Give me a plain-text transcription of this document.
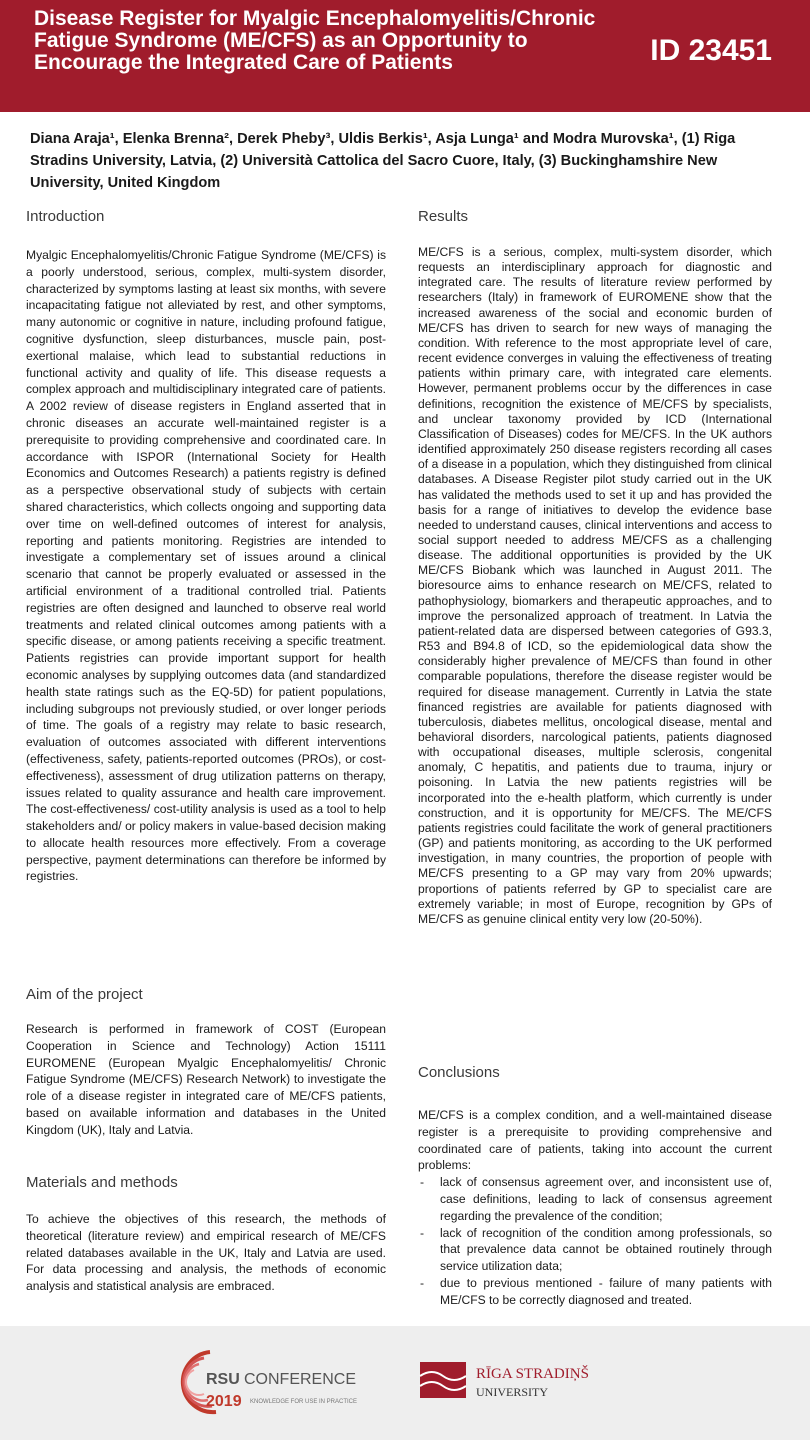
Disease Register for Myalgic Encephalomyelitis/Chronic Fatigue Syndrome (ME/CFS) as an Opportunity to Encourage the Integrated Care of Patients	ID 23451

Diana Araja¹, Elenka Brenna², Derek Pheby³, Uldis Berkis¹, Asja Lunga¹ and Modra Murovska¹, (1) Riga Stradins University, Latvia, (2) Università Cattolica del Sacro Cuore, Italy, (3) Buckinghamshire New University, United Kingdom

Introduction

Myalgic Encephalomyelitis/Chronic Fatigue Syndrome (ME/CFS) is a poorly understood, serious, complex, multi-system disorder, characterized by symptoms lasting at least six months, with severe incapacitating fatigue not alleviated by rest, and other symptoms, many autonomic or cognitive in nature, including profound fatigue, cognitive dysfunction, sleep disturbances, muscle pain, post-exertional malaise, which lead to substantial reductions in functional activity and quality of life. This disease requests a complex approach and multidisciplinary integrated care of patients. A 2002 review of disease registers in England asserted that in chronic diseases an accurate well-maintained register is a prerequisite to providing comprehensive and coordinated care. In accordance with ISPOR (International Society for Health Economics and Outcomes Research) a patients registry is defined as a perspective observational study of subjects with certain shared characteristics, which collects ongoing and supporting data over time on well-defined outcomes of interest for analysis, reporting and patients monitoring. Registries are intended to investigate a complementary set of issues around a clinical scenario that cannot be properly evaluated or assessed in the artificial environment of a traditional controlled trial. Patients registries are often designed and launched to observe real world treatments and related clinical outcomes among patients with a specific disease, or among patients receiving a specific treatment. Patients registries can provide important support for health economic analyses by supplying outcomes data (and standardized health state ratings such as the EQ-5D) for patient populations, including subgroups not previously studied, or over longer periods of time. The goals of a registry may relate to basic research, evaluation of outcomes associated with different interventions (effectiveness, safety, patients-reported outcomes (PROs), or cost-effectiveness), assessment of drug utilization patterns on therapy, issues related to quality assurance and health care improvement. The cost-effectiveness/ cost-utility analysis is used as a tool to help stakeholders and/ or policy makers in value-based decision making to allocate health resources more effectively. From a coverage perspective, payment determinations can therefore be informed by registries.

Aim of the project

Research is performed in framework of COST (European Cooperation in Science and Technology) Action 15111 EUROMENE (European Myalgic Encephalomyelitis/ Chronic Fatigue Syndrome (ME/CFS) Research Network) to investigate the role of a disease register in integrated care of ME/CFS patients, based on available information and databases in the United Kingdom (UK), Italy and Latvia.

Materials and methods

To achieve the objectives of this research, the methods of theoretical (literature review) and empirical research of ME/CFS related databases available in the UK, Italy and Latvia are used. For data processing and analysis, the methods of economic analysis and statistical analysis are embraced.

Results

ME/CFS is a serious, complex, multi-system disorder, which requests an interdisciplinary approach for diagnostic and integrated care. The results of literature review performed by researchers (Italy) in framework of EUROMENE show that the increased awareness of the social and economic burden of ME/CFS has driven to search for new ways of managing the condition. With reference to the most appropriate level of care, recent evidence converges in valuing the effectiveness of treating patients within primary care, with integrated care elements. However, permanent problems occur by the differences in case definitions, recognition the existence of ME/CFS by specialists, and unclear taxonomy provided by ICD (International Classification of Diseases) codes for ME/CFS. In the UK authors identified approximately 250 disease registers recording all cases of a disease in a population, which they distinguished from clinical databases. A Disease Register pilot study carried out in the UK has validated the methods used to set it up and has provided the basis for a range of initiatives to develop the evidence base needed to understand causes, clinical interventions and access to social support needed to address ME/CFS as a challenging disease. The additional opportunities is provided by the UK ME/CFS Biobank which was launched in August 2011. The bioresource aims to enhance research on ME/CFS, related to pathophysiology, biomarkers and therapeutic approaches, and to improve the personalized approach of treatment. In Latvia the patient-related data are dispersed between categories of G93.3, R53 and B94.8 of ICD, so the epidemiological data show the considerably higher prevalence of ME/CFS than found in other comparable populations, therefore the disease register would be required for disease management. Currently in Latvia the state financed registries are available for patients diagnosed with tuberculosis, diabetes mellitus, oncological disease, mental and behavioral disorders, narcological patients, patients diagnosed with occupational diseases, multiple sclerosis, congenital anomaly, C hepatitis, and patients due to trauma, injury or poisoning. In Latvia the new patients registries will be incorporated into the e-health platform, which currently is under construction, and it is opportunity for ME/CFS. The ME/CFS patients registries could facilitate the work of general practitioners (GP) and patients monitoring, as according to the UK performed investigation, in many countries, the proportion of people with ME/CFS presenting to a GP may vary from 20% upwards; proportions of patients referred by GP to specialist care are extremely variable; in most of Europe, recognition by GPs of ME/CFS as genuine clinical entity very low (20-50%).

Conclusions

ME/CFS is a complex condition, and a well-maintained disease register is a prerequisite to providing comprehensive and coordinated care of patients, taking into account the current problems:

- lack of consensus agreement over, and inconsistent use of, case definitions, leading to lack of consensus agreement regarding the prevalence of the condition;
- lack of recognition of the condition among professionals, so that prevalence data cannot be obtained routinely through service utilization data;
- due to previous mentioned - failure of many patients with ME/CFS to be correctly diagnosed and treated.
RSU CONFERENCE
2019 KNOWLEDGE FOR USE IN PRACTICE
RĪGA STRADIŅŠ
UNIVERSITY
